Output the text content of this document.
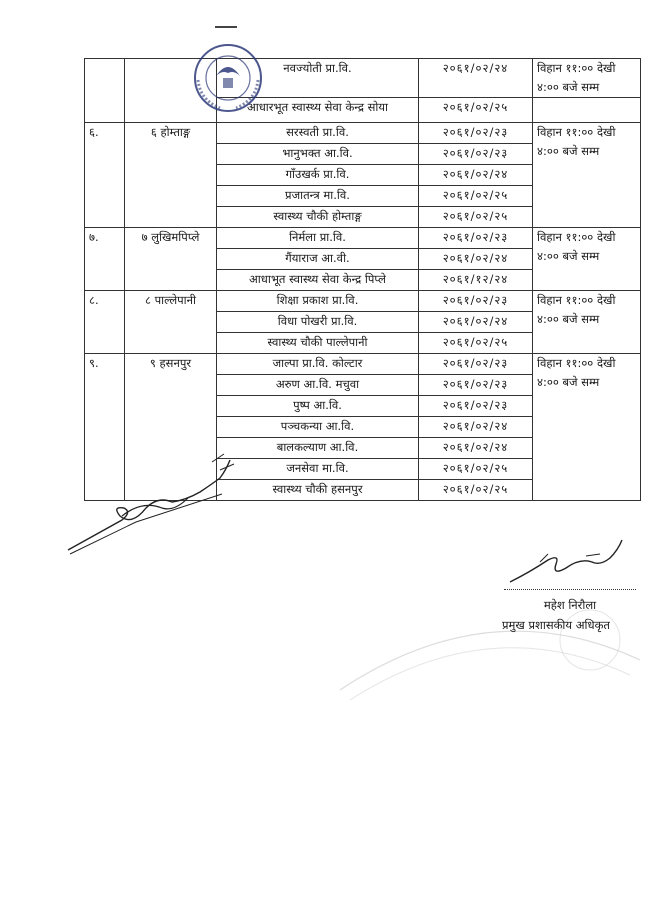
		नवज्योती प्रा.वि.	२०६१/०२/२४	विहान ११:०० देखी ४:०० बजे सम्म
		आधारभूत स्वास्थ्य सेवा केन्द्र सोया	२०६१/०२/२५	
६.	६ होम्ताङ्ग	सरस्वती प्रा.वि.	२०६१/०२/२३	विहान ११:०० देखी ४:०० बजे सम्म
		भानुभक्त आ.वि.	२०६१/०२/२३	
		गाँउखर्क प्रा.वि.	२०६१/०२/२४	
		प्रजातन्त्र मा.वि.	२०६१/०२/२५	
		स्वास्थ्य चौकी होम्ताङ्ग	२०६१/०२/२५	
७.	७ लुखिमपिप्ले	निर्मला प्रा.वि.	२०६१/०२/२३	विहान ११:०० देखी ४:०० बजे सम्म
		गैंयाराज आ.वी.	२०६१/०२/२४	
		आधाभूत स्वास्थ्य सेवा केन्द्र पिप्ले	२०६१/१२/२४	
८.	८ पाल्लेपानी	शिक्षा प्रकाश प्रा.वि.	२०६१/०२/२३	विहान ११:०० देखी ४:०० बजे सम्म
		विधा पोखरी प्रा.वि.	२०६१/०२/२४	
		स्वास्थ्य चौकी पाल्लेपानी	२०६१/०२/२५	
९.	९ हसनपुर	जाल्पा प्रा.वि. कोल्टार	२०६१/०२/२३	विहान ११:०० देखी ४:०० बजे सम्म
		अरुण आ.वि. मचुवा	२०६१/०२/२३	
		पुष्प आ.वि.	२०६१/०२/२३	
		पञ्चकन्या आ.वि.	२०६१/०२/२४	
		बालकल्याण आ.वि.	२०६१/०२/२४	
		जनसेवा मा.वि.	२०६१/०२/२५	
		स्वास्थ्य चौकी हसनपुर	२०६१/०२/२५	
महेश निरौला
प्रमुख प्रशासकीय अधिकृत
